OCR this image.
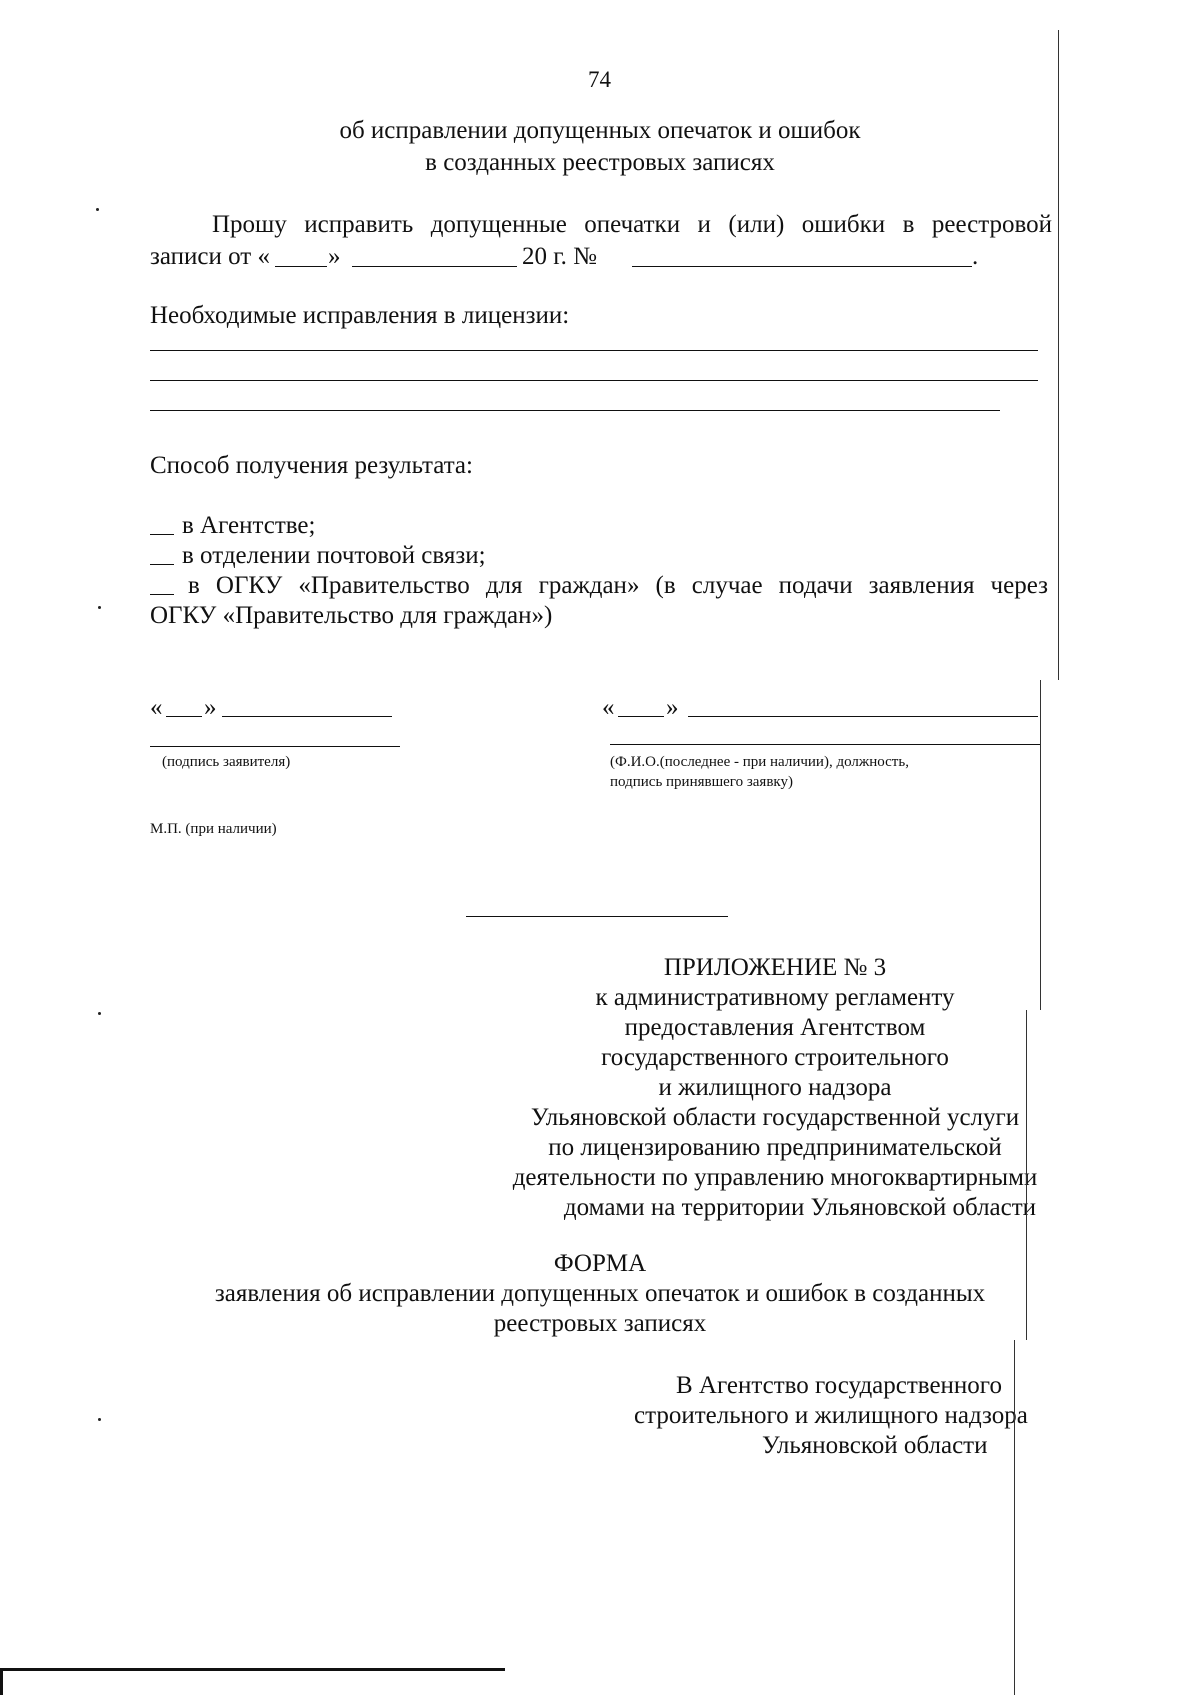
74
об исправлении допущенных опечаток и ошибок
в созданных реестровых записях
Прошу исправить допущенные опечатки и (или) ошибки в реестровой
записи от « »	20 г. №	.
Необходимые исправления в лицензии:
Способ получения результата:
в Агентстве;
в отделении почтовой связи;
в ОГКУ «Правительство для граждан» (в случае подачи заявления через
ОГКУ «Правительство для граждан»)
« »
(подпись заявителя)
М.П. (при наличии)
« »
(Ф.И.О.(последнее - при наличии), должность,
подпись принявшего заявку)
ПРИЛОЖЕНИЕ № 3
к административному регламенту
предоставления Агентством
государственного строительного
и жилищного надзора
Ульяновской области государственной услуги
по лицензированию предпринимательской
деятельности по управлению многоквартирными
домами на территории Ульяновской области
ФОРМА
заявления об исправлении допущенных опечаток и ошибок в созданных
реестровых записях
В Агентство государственного
строительного и жилищного надзора
Ульяновской области
